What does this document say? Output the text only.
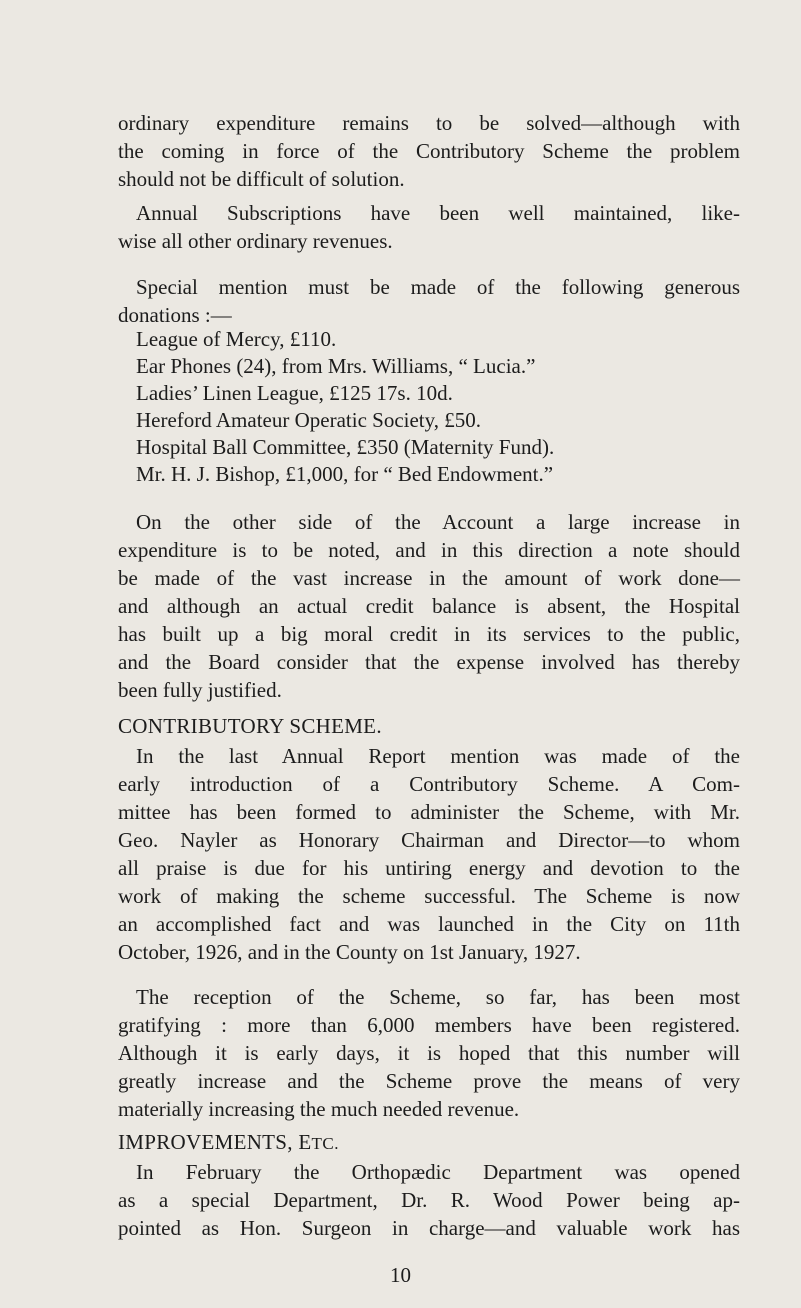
ordinary expenditure remains to be solved—although with
the coming in force of the Contributory Scheme the problem
should not be difficult of solution.
Annual Subscriptions have been well maintained, like-
wise all other ordinary revenues.
Special mention must be made of the following generous
donations :—
League of Mercy, £110.
Ear Phones (24), from Mrs. Williams, “ Lucia.”
Ladies’ Linen League, £125 17s. 10d.
Hereford Amateur Operatic Society, £50.
Hospital Ball Committee, £350 (Maternity Fund).
Mr. H. J. Bishop, £1,000, for “ Bed Endowment.”
On the other side of the Account a large increase in
expenditure is to be noted, and in this direction a note should
be made of the vast increase in the amount of work done—
and although an actual credit balance is absent, the Hospital
has built up a big moral credit in its services to the public,
and the Board consider that the expense involved has thereby
been fully justified.
CONTRIBUTORY SCHEME.
In the last Annual Report mention was made of the
early introduction of a Contributory Scheme. A Com-
mittee has been formed to administer the Scheme, with Mr.
Geo. Nayler as Honorary Chairman and Director—to whom
all praise is due for his untiring energy and devotion to the
work of making the scheme successful. The Scheme is now
an accomplished fact and was launched in the City on 11th
October, 1926, and in the County on 1st January, 1927.
The reception of the Scheme, so far, has been most
gratifying : more than 6,000 members have been registered.
Although it is early days, it is hoped that this number will
greatly increase and the Scheme prove the means of very
materially increasing the much needed revenue.
IMPROVEMENTS, ETC.
In February the Orthopædic Department was opened
as a special Department, Dr. R. Wood Power being ap-
pointed as Hon. Surgeon in charge—and valuable work has
10
